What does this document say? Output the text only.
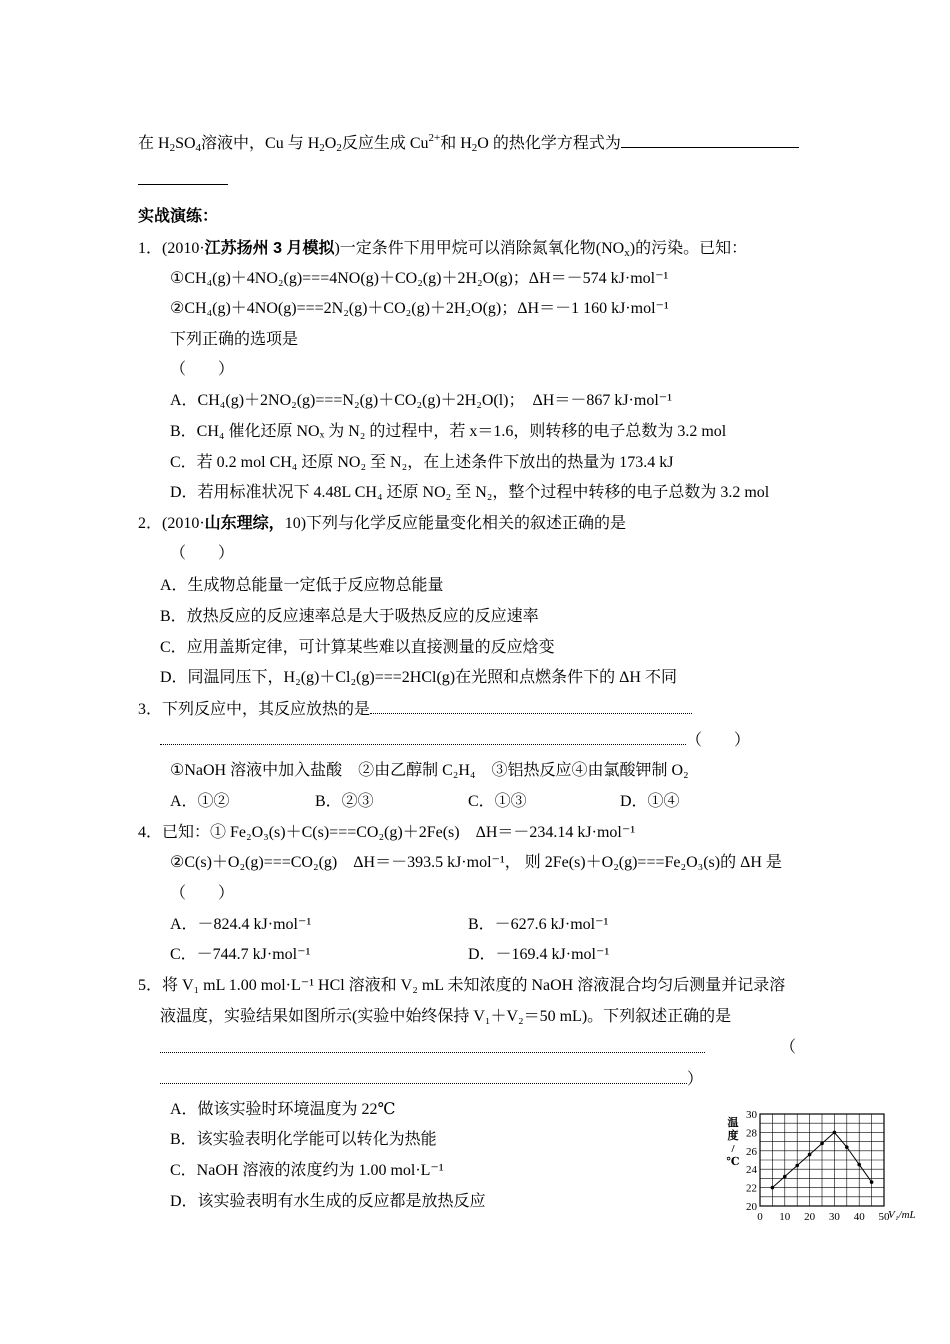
在 $H_2SO_4$溶液中，Cu 与 $H_2O_2$反应生成 $Cu^{2+}$和 $H_2O$ 的热化学方程式为
实战演练：
1．(2010·江苏扬州 3 月模拟)一定条件下用甲烷可以消除氮氧化物$(NO_x)$的污染。已知：
①CH₄(g)＋4NO₂(g)===4NO(g)＋CO₂(g)＋2H₂O(g)；ΔH＝－574 kJ·mol⁻¹
②CH₄(g)＋4NO(g)===2N₂(g)＋CO₂(g)＋2H₂O(g)；ΔH＝－1 160 kJ·mol⁻¹
下列正确的选项是
（　　）
A．CH₄(g)＋2NO₂(g)===N₂(g)＋CO₂(g)＋2H₂O(l)；　ΔH＝－867 kJ·mol⁻¹
B．CH₄ 催化还原 NOₓ 为 N₂ 的过程中，若 x＝1.6，则转移的电子总数为 3.2 mol
C．若 0.2 mol CH₄ 还原 NO₂ 至 N₂，在上述条件下放出的热量为 173.4 kJ
D．若用标准状况下 4.48L CH₄ 还原 NO₂ 至 N₂，整个过程中转移的电子总数为 3.2 mol
2．(2010·山东理综，10)下列与化学反应能量变化相关的叙述正确的是
（　　）
A．生成物总能量一定低于反应物总能量
B．放热反应的反应速率总是大于吸热反应的反应速率
C．应用盖斯定律，可计算某些难以直接测量的反应焓变
D．同温同压下，H₂(g)＋Cl₂(g)===2HCl(g)在光照和点燃条件下的 ΔH 不同
3．下列反应中，其反应放热的是
（　　）
①NaOH 溶液中加入盐酸　②由乙醇制 C₂H₄　③铝热反应④由氯酸钾制 O₂
A．①②	B．②③	C．①③	D．①④
4．已知：① Fe₂O₃(s)＋C(s)===CO₂(g)＋2Fe(s)　ΔH＝－234.14 kJ·mol⁻¹
②C(s)＋O₂(g)===CO₂(g)　ΔH＝－393.5 kJ·mol⁻¹， 则 2Fe(s)＋O₂(g)===Fe₂O₃(s)的 ΔH 是
（　　）
A．－824.4 kJ·mol⁻¹	B．－627.6 kJ·mol⁻¹
C．－744.7 kJ·mol⁻¹	D．－169.4 kJ·mol⁻¹
5．将 V₁ mL 1.00 mol·L⁻¹ HCl 溶液和 V₂ mL 未知浓度的 NaOH 溶液混合均匀后测量并记录溶
液温度，实验结果如图所示(实验中始终保持 V₁＋V₂＝50 mL)。下列叙述正确的是
（
）
A．做该实验时环境温度为 22℃
B．该实验表明化学能可以转化为热能
C．NaOH 溶液的浓度约为 1.00 mol·L⁻¹
D．该实验表明有水生成的反应都是放热反应	20
22
24
26
28
30
0 10 20 30 40 50
温度/ ℃
V₁/mL
